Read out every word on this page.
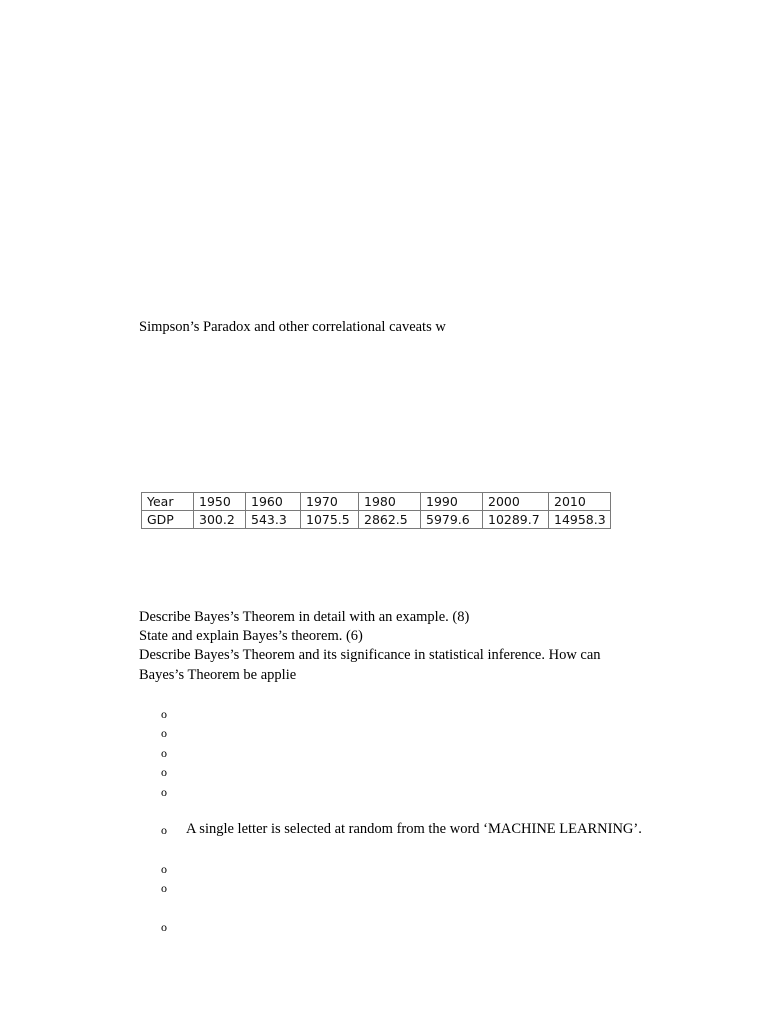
Simpson’s Paradox and other correlational caveats w
Year	1950	1960	1970	1980	1990	2000	2010
GDP	300.2	543.3	1075.5	2862.5	5979.6	10289.7	14958.3
Describe Bayes’s Theorem in detail with an example. (8)
State and explain Bayes’s theorem. (6)
Describe Bayes’s Theorem and its significance in statistical inference. How can
Bayes’s Theorem be applie
o
o
o
o
o
o A single letter is selected at random from the word ‘MACHINE LEARNING’.
o
o
o
